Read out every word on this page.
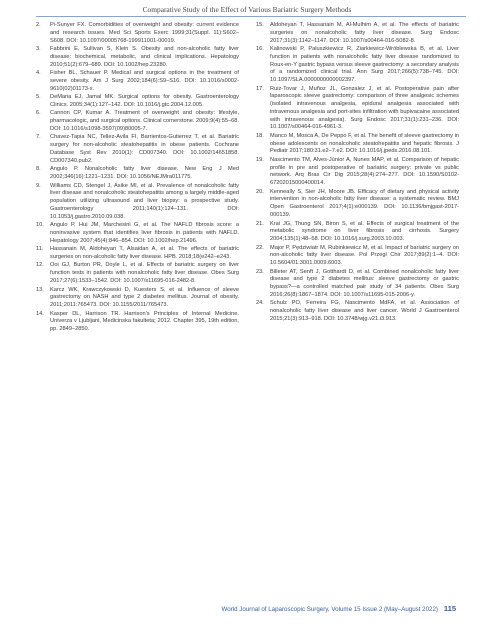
Comparative Study of the Effect of Various Bariatric Surgery Methods
2.	Pi-Sunyer FX. Comorbidities of overweight and obesity: current evidence and research issues. Med Sci Sports Exerc 1999;31(Suppl. 11):S602–S608. DOI: 10.1097/00005768-199911001-00019.
3.	Fabbrini E, Sullivan S, Klein S. Obesity and non-alcoholic fatty liver disease: biochemical, metabolic, and clinical implications. Hepatology 2010;51(2):679–689. DOI: 10.1002/hep.23280.
4.	Fisher BL, Schauer P. Medical and surgical options in the treatment of severe obesity. Am J Surg 2002;184(6):S9–S16. DOI: 10.1016/s0002-9610(02)01173-x.
5.	DeMaria EJ, Jamal MK. Surgical options for obesity. Gastroenterology Clinics. 2005;34(1):127–142. DOI: 10.1016/j.gtc.2004.12.005.
6.	Cannon CP, Kumar A. Treatment of overweight and obesity: lifestyle, pharmacologic, and surgical options. Clinical cornerstone. 2009;9(4):55–68. DOI: 10.1016/s1098-3597(09)80005-7.
7.	Chavez-Tapia NC, Tellez-Avila FI, Barrientos-Gutierrez T, et al. Bariatric surgery for non-alcoholic steatohepatitis in obese patients. Cochrane Database Syst Rev 2010(1): CD007340. DOI: 10.1002/14651858. CD007340.pub2.
8.	Angulo P. Nonalcoholic fatty liver disease. New Eng J Med 2002;346(16):1221–1231. DOI: 10.1056/NEJMra011775.
9.	Williams CD, Stengel J, Asike MI, et al. Prevalence of nonalcoholic fatty liver disease and nonalcoholic steatohepatitis among a largely middle-aged population utilizing ultrasound and liver biopsy: a prospective study. Gastroenterology 2011;140(1):124–131. DOI: 10.1053/j.gastro.2010.09.038.
10.	Angulo P, Hui JM, Marchesini G, et al. The NAFLD fibrosis score: a noninvasive system that identifies liver fibrosis in patients with NAFLD. Hepatology 2007;45(4):846–854. DOI: 10.1002/hep.21496.
11.	Hassanain M, Aldoheyan T, Alsaidan A, et al. The effects of bariatric surgeries on non-alcoholic fatty liver disease. HPB. 2018;18(e242–e243.
12.	Ooi GJ, Burton PR, Doyle L, et al. Effects of bariatric surgery on liver function tests in patients with nonalcoholic fatty liver disease. Obes Surg 2017;27(6):1533–1542. DOI: 10.1007/s11695-016-2482-8.
13.	Karcz WK, Krawczykowski D, Kuesters S, et al. Influence of sleeve gastrectomy on NASH and type 2 diabetes mellitus. Journal of obesity. 2011;2011:765473. DOI: 10.1155/2011/765473.
14.	Kasper DL, Harrison TR. Harrison's Principles of Internal Medicine. Univerza v Ljubljani, Medicinska fakulteta; 2012. Chapter 395, 19th edition, pp. 2849–2850.
15.	Aldoheyan T, Hassanain M, Al-Mulhim A, et al. The effects of bariatric surgeries on nonalcoholic fatty liver disease. Surg Endosc 2017;31(3):1142–1147. DOI: 10.1007/s00464-016-5082-8.
16.	Kalinowski P, Paluszkiewicz R, Ziarkiewicz-Wróblewska B, et al. Liver function in patients with nonalcoholic fatty liver disease randomized to Roux-en-Y gastric bypass versus sleeve gastrectomy: a secondary analysis of a randomized clinical trial. Ann Surg 2017;266(5):738–745. DOI: 10.1097/SLA.0000000000002397.
17.	Ruiz-Tovar J, Muñoz JL, Gonzalez J, et al. Postoperative pain after laparoscopic sleeve gastrectomy: comparison of three analgesic schemes (isolated intravenous analgesia, epidural analgesia associated with intravenous analgesia and port-sites infiltration with bupivacaine associated with intravenous analgesia). Surg Endosc 2017;31(1):231–236. DOI: 10.1007/s00464-016-4961-3.
18.	Manco M, Mosca A, De Peppo F, et al. The benefit of sleeve gastrectomy in obese adolescents on nonalcoholic steatohepatitis and hepatic fibrosis. J Pediatr 2017;180:31.e2–7.e2. DOI: 10.1016/j.jpeds.2016.08.101.
19.	Nascimento TM, Alves-Júnior A, Nunes MAP, et al. Comparison of hepatic profile in pre and postoperative of bariatric surgery: private vs public network. Arq Bras Cir Dig 2015;28(4):274–277. DOI: 10.1590/S0102-67202015000400014.
20.	Kenneally S, Sier JH, Moore JB. Efficacy of dietary and physical activity intervention in non-alcoholic fatty liver disease: a systematic review. BMJ Open Gastroenterol 2017;4(1):e000139. DOI: 10.1136/bmjgast-2017-000139.
21.	Krai JG, Thung SN, Biron S, et al. Effects of surgical treatment of the metabolic syndrome on liver fibrosis and cirrhosis. Surgery 2004;135(1):48–58. DOI: 10.1016/j.surg.2003.10.003.
22.	Major P, Pędziwiatr M, Rubinkiewicz M, et al. Impact of bariatric surgery on non-alcoholic fatty liver disease. Pol Przegl Chir 2017;89(2):1–4. DOI: 10.5604/01.3001.0009.6003.
23.	Billeter AT, Senft J, Gotthardt D, et al. Combined nonalcoholic fatty liver disease and type 2 diabetes mellitus: sleeve gastrectomy or gastric bypass?—a controlled matched pair study of 34 patients. Obes Surg 2016;26(8):1867–1874. DOI: 10.1007/s11695-015-2006-y.
24.	Schulz PO, Ferreira FG, Nascimento MdFA, et al. Association of nonalcoholic fatty liver disease and liver cancer. World J Gastroenterol 2015;21(3):913–918. DOI: 10.3748/wjg.v21.i3.913.
World Journal of Laparoscopic Surgery, Volume 15 Issue 2 (May–August 2022) 115
